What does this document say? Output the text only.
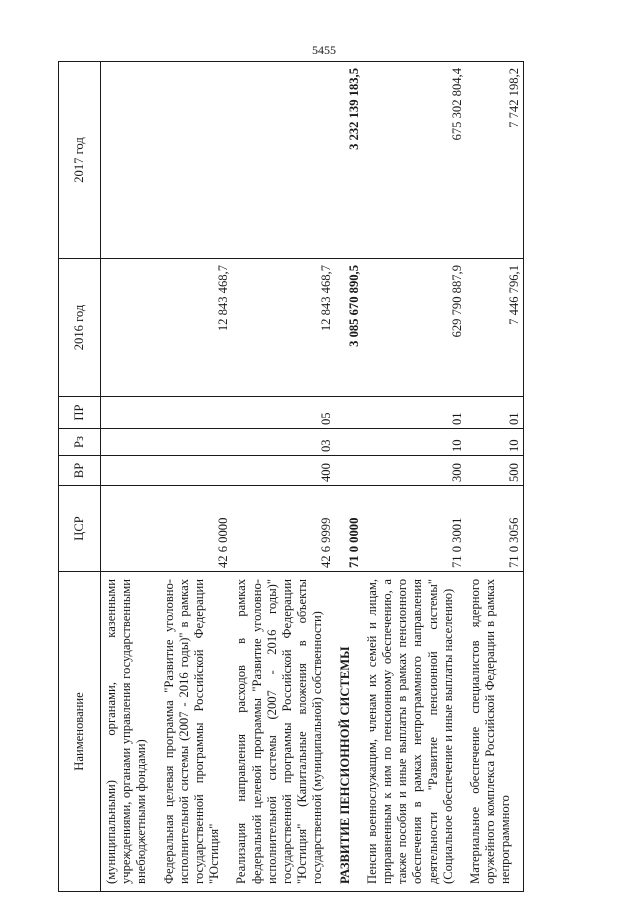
5455
Наименование	ЦСР	ВР	Рз	ПР	2016 год	2017 год
(муниципальными) органами, казенными учреждениями, органами управления государственными внебюджетными фондами)						
Федеральная целевая программа "Развитие уголовно-исполнительной системы (2007 - 2016 годы)" в рамках государственной программы Российской Федерации "Юстиция"	42 6 0000				12 843 468,7	
Реализация направления расходов в рамках федеральной целевой программы "Развитие уголовно-исполнительной системы (2007 - 2016 годы)" государственной программы Российской Федерации "Юстиция" (Капитальные вложения в объекты государственной (муниципальной) собственности)	42 6 9999	400	03	05	12 843 468,7	
РАЗВИТИЕ ПЕНСИОННОЙ СИСТЕМЫ	71 0 0000				3 085 670 890,5	3 232 139 183,5
Пенсии военнослужащим, членам их семей и лицам, приравненным к ним по пенсионному обеспечению, а также пособия и иные выплаты в рамках пенсионного обеспечения в рамках непрограммного направления деятельности "Развитие пенсионной системы" (Социальное обеспечение и иные выплаты населению)	71 0 3001	300	10	01	629 790 887,9	675 302 804,4
Материальное обеспечение специалистов ядерного оружейного комплекса Российской Федерации в рамках непрограммного	71 0 3056	500	10	01	7 446 796,1	7 742 198,2
